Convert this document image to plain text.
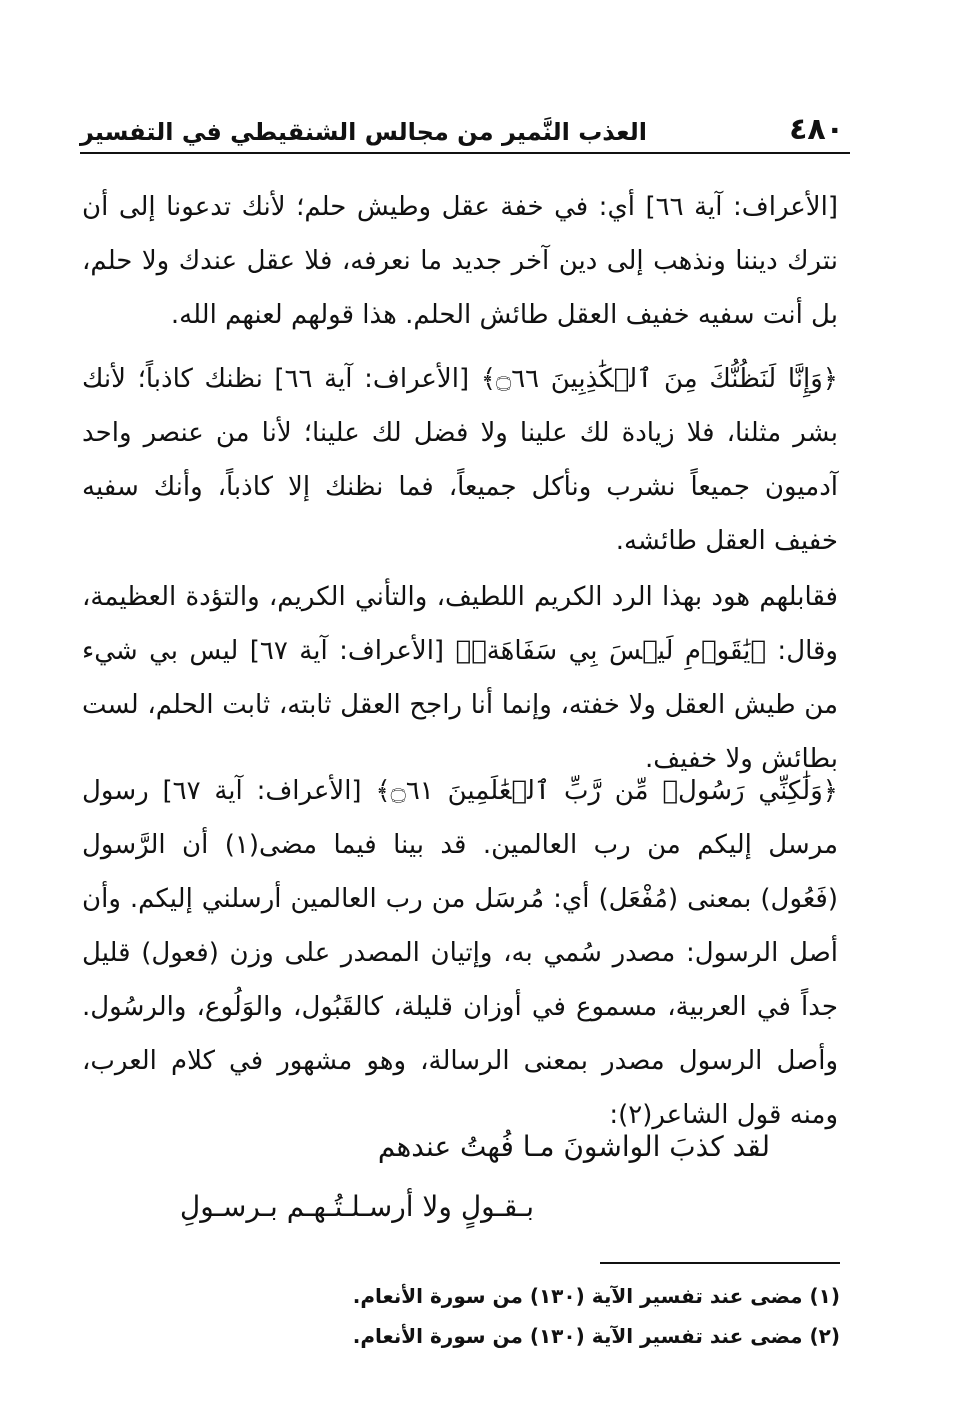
٤٨٠
العذب النَّمير من مجالس الشنقيطي في التفسير
[الأعراف: آية ٦٦] أي: في خفة عقل وطيش حلم؛ لأنك تدعونا إلى أن نترك ديننا ونذهب إلى دين آخر جديد ما نعرفه، فلا عقل عندك ولا حلم، بل أنت سفيه خفيف العقل طائش الحلم. هذا قولهم لعنهم الله.
﴿وَإِنَّا لَنَظُنُّكَ مِنَ ٱلۡكَٰذِبِينَ ۝٦٦﴾ [الأعراف: آية ٦٦] نظنك كاذباً؛ لأنك بشر مثلنا، فلا زيادة لك علينا ولا فضل لك علينا؛ لأنا من عنصر واحد آدميون جميعاً نشرب ونأكل جميعاً، فما نظنك إلا كاذباً، وأنك سفيه خفيف العقل طائشه.
فقابلهم هود بهذا الرد الكريم اللطيف، والتأني الكريم، والتؤدة العظيمة، وقال: ﴿يَٰقَوۡمِ لَيۡسَ بِي سَفَاهَةٞ﴾ [الأعراف: آية ٦٧] ليس بي شيء من طيش العقل ولا خفته، وإنما أنا راجح العقل ثابته، ثابت الحلم، لست بطائش ولا خفيف.
﴿وَلَٰكِنِّي رَسُولٞ مِّن رَّبِّ ٱلۡعَٰلَمِينَ ۝٦١﴾ [الأعراف: آية ٦٧] رسول مرسل إليكم من رب العالمين. قد بينا فيما مضى(١) أن الرَّسول (فَعُول) بمعنى (مُفْعَل) أي: مُرسَل من رب العالمين أرسلني إليكم. وأن أصل الرسول: مصدر سُمي به، وإتيان المصدر على وزن (فعول) قليل جداً في العربية، مسموع في أوزان قليلة، كالقَبُول، والوَلُوع، والرسُول. وأصل الرسول مصدر بمعنى الرسالة، وهو مشهور في كلام العرب، ومنه قول الشاعر(٢):
لقد كذبَ الواشونَ مـا فُهتُ عندهم
بـقـولٍ ولا أرسـلـتُـهـم بـرسـولِ
(١) مضى عند تفسير الآية (١٣٠) من سورة الأنعام.
(٢) مضى عند تفسير الآية (١٣٠) من سورة الأنعام.
